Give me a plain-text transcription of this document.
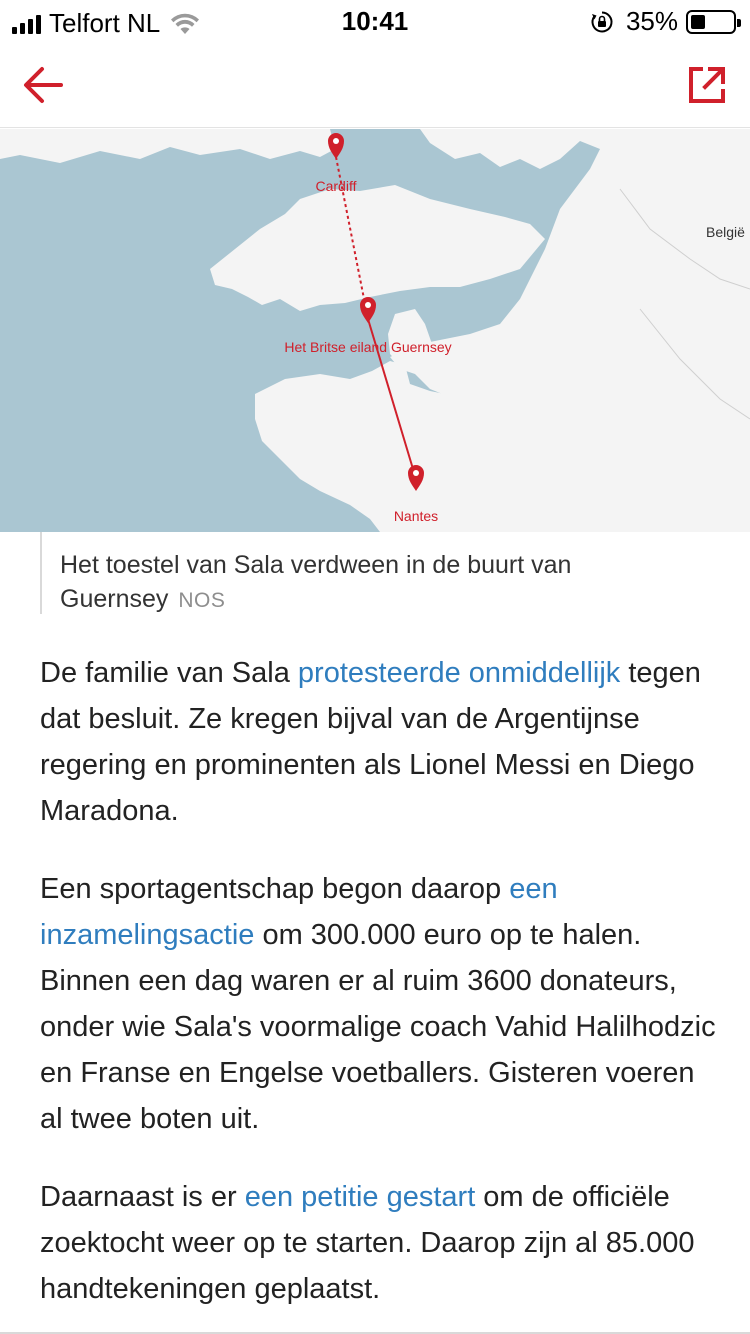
Telfort NL	10:41	35%
Cardiff
Het Britse eiland Guernsey
Nantes
België
Het toestel van Sala verdween in de buurt van Guernsey NOS

De familie van Sala protesteerde onmiddellijk tegen dat besluit. Ze kregen bijval van de Argentijnse regering en prominenten als Lionel Messi en Diego Maradona.

Een sportagentschap begon daarop een inzamelingsactie om 300.000 euro op te halen. Binnen een dag waren er al ruim 3600 donateurs, onder wie Sala's voormalige coach Vahid Halilhodzic en Franse en Engelse voetballers. Gisteren voeren al twee boten uit.

Daarnaast is er een petitie gestart om de officiële zoektocht weer op te starten. Daarop zijn al 85.000 handtekeningen geplaatst.
